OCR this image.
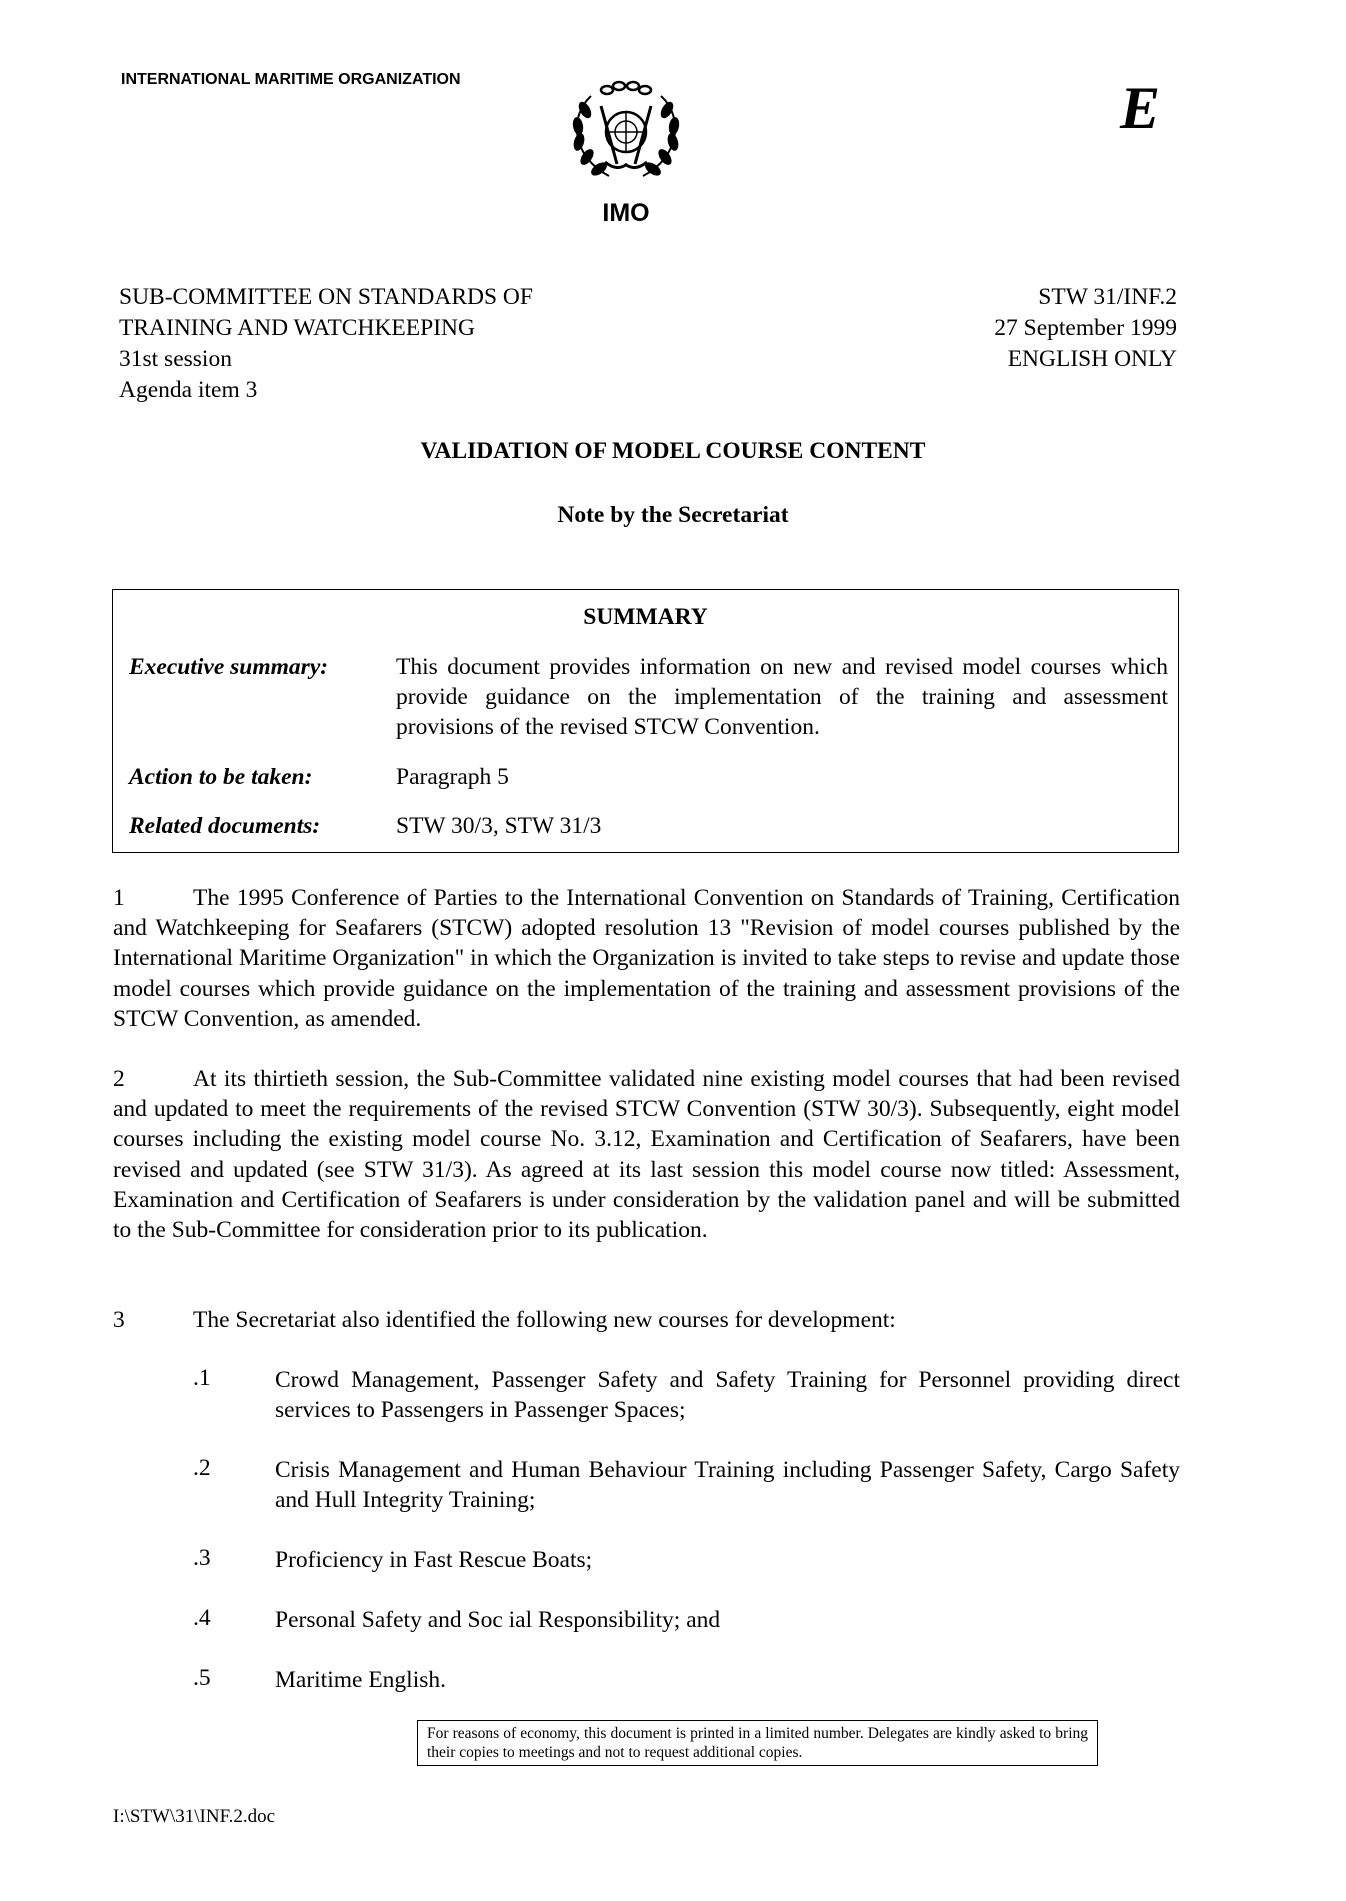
INTERNATIONAL MARITIME ORGANIZATION
IMO
E
SUB-COMMITTEE ON STANDARDS OF
TRAINING AND WATCHKEEPING
31st session
Agenda item 3
STW 31/INF.2
27 September 1999
ENGLISH ONLY
VALIDATION OF MODEL COURSE CONTENT
Note by the Secretariat
SUMMARY
Executive summary:	This document provides information on new and revised model courses which provide guidance on the implementation of the training and assessment provisions of the revised STCW Convention.
Action to be taken:	Paragraph 5
Related documents:	STW 30/3, STW 31/3
1	The 1995 Conference of Parties to the International Convention on Standards of Training, Certification and Watchkeeping for Seafarers (STCW) adopted resolution 13 "Revision of model courses published by the International Maritime Organization" in which the Organization is invited to take steps to revise and update those model courses which provide guidance on the implementation of the training and assessment provisions of the STCW Convention, as amended.
2	At its thirtieth session, the Sub-Committee validated nine existing model courses that had been revised and updated to meet the requirements of the revised STCW Convention (STW 30/3). Subsequently, eight model courses including the existing model course No. 3.12, Examination and Certification of Seafarers, have been revised and updated (see STW 31/3). As agreed at its last session this model course now titled: Assessment, Examination and Certification of Seafarers is under consideration by the validation panel and will be submitted to the Sub-Committee for consideration prior to its publication.
3	The Secretariat also identified the following new courses for development:
.1	Crowd Management, Passenger Safety and Safety Training for Personnel providing direct services to Passengers in Passenger Spaces;
.2	Crisis Management and Human Behaviour Training including Passenger Safety, Cargo Safety and Hull Integrity Training;
.3	Proficiency in Fast Rescue Boats;
.4	Personal Safety and Soc ial Responsibility; and
.5	Maritime English.
For reasons of economy, this document is printed in a limited number. Delegates are kindly asked to bring their copies to meetings and not to request additional copies.
I:\STW\31\INF.2.doc
